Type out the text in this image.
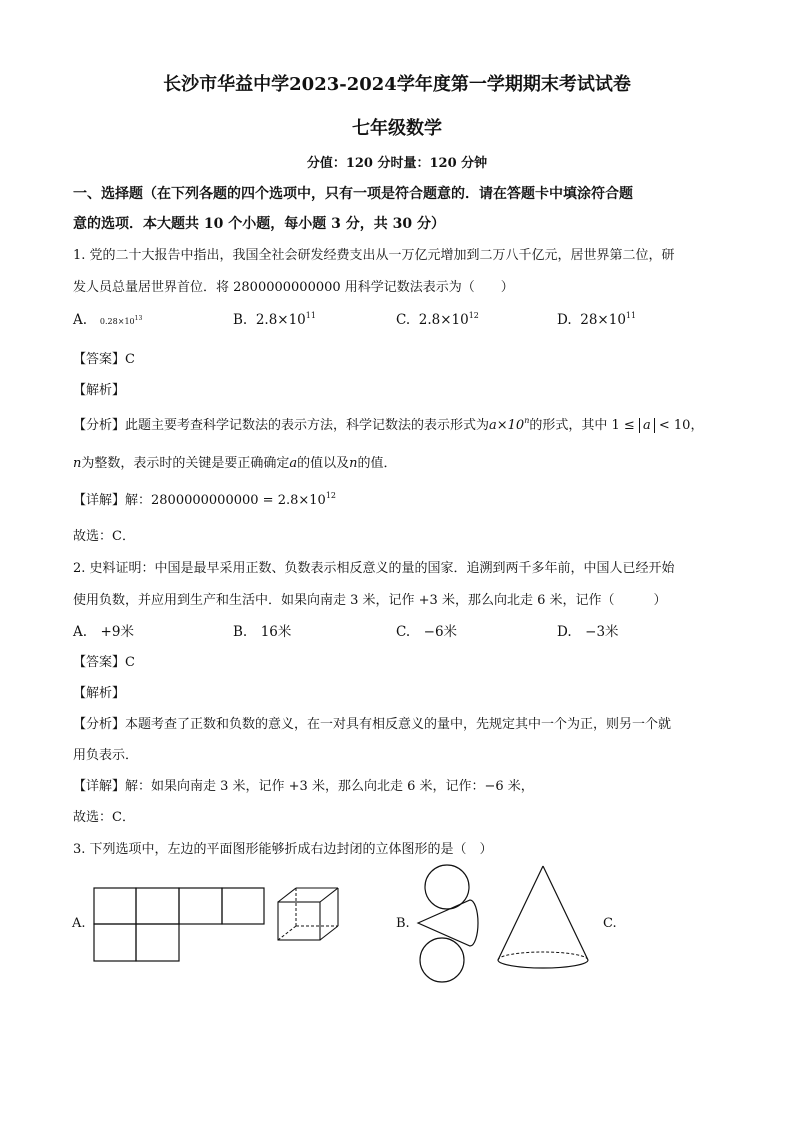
长沙市华益中学2023-2024学年度第一学期期末考试试卷
七年级数学
分值：120 分时量：120 分钟
一、选择题（在下列各题的四个选项中，只有一项是符合题意的．请在答题卡中填涂符合题
意的选项．本大题共 10 个小题，每小题 3 分，共 30 分）
1. 党的二十大报告中指出，我国全社会研发经费支出从一万亿元增加到二万八千亿元，居世界第二位，研
发人员总量居世界首位．将 2800000000000 用科学记数法表示为（　　）
A. $0.28\times 10^{13}$	B. $2.8\times 10^{11}$	C. $2.8\times 10^{12}$	D. $28\times 10^{11}$
【答案】C
【解析】
【分析】此题主要考查科学记数法的表示方法，科学记数法的表示形式为$a\times 10^n$的形式，其中 1 ≤ a < 10，
n为整数，表示时的关键是要正确确定a的值以及n的值．
【详解】解：$2800000000000 = 2.8\times 10^{12}$
故选：C．
2. 史料证明：中国是最早采用正数、负数表示相反意义的量的国家．追溯到两千多年前，中国人已经开始
使用负数，并应用到生产和生活中．如果向南走 3 米，记作 +3 米，那么向北走 6 米，记作（　　　）
A.　+9米	B.　16米	C.　−6米	D.　−3米
【答案】C
【解析】
【分析】本题考查了正数和负数的意义，在一对具有相反意义的量中，先规定其中一个为正，则另一个就
用负表示．
【详解】解：如果向南走 3 米，记作 +3 米，那么向北走 6 米，记作：−6 米，
故选：C．
3. 下列选项中，左边的平面图形能够折成右边封闭的立体图形的是（　）
A.	B.	C.
